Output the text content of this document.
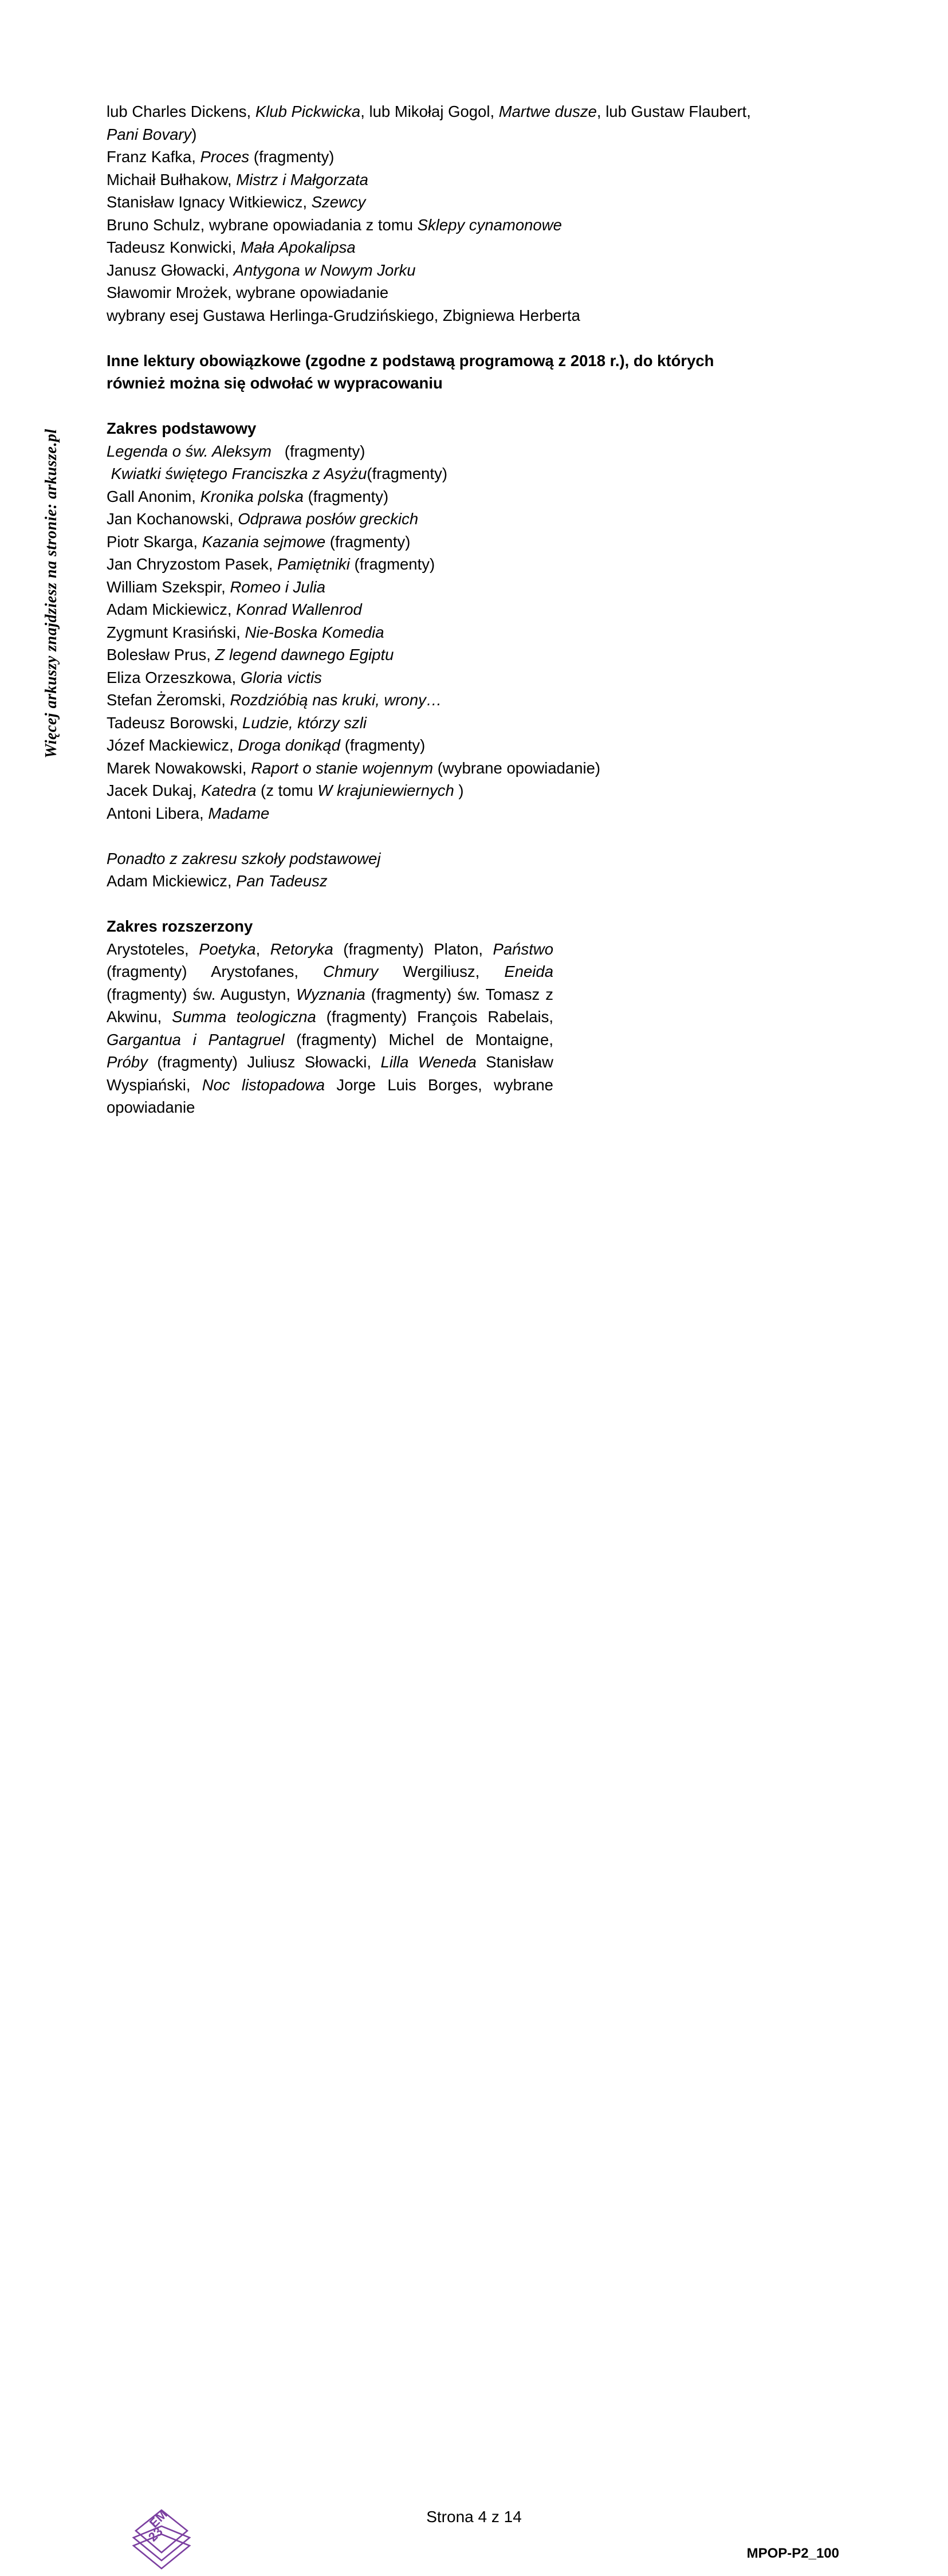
Więcej arkuszy znajdziesz na stronie: arkusze.pl
lub Charles Dickens, Klub Pickwicka, lub Mikołaj Gogol, Martwe dusze, lub Gustaw Flaubert, Pani Bovary)
Franz Kafka, Proces (fragmenty)
Michaił Bułhakow, Mistrz i Małgorzata
Stanisław Ignacy Witkiewicz, Szewcy
Bruno Schulz, wybrane opowiadania z tomu Sklepy cynamonowe
Tadeusz Konwicki, Mała Apokalipsa
Janusz Głowacki, Antygona w Nowym Jorku
Sławomir Mrożek, wybrane opowiadanie
wybrany esej Gustawa Herlinga-Grudzińskiego, Zbigniewa Herberta
Inne lektury obowiązkowe (zgodne z podstawą programową z 2018 r.), do których również można się odwołać w wypracowaniu
Zakres podstawowy
Legenda o św. Aleksym   (fragmenty)
Kwiatki świętego Franciszka z Asyżu(fragmenty)
Gall Anonim, Kronika polska (fragmenty)
Jan Kochanowski, Odprawa posłów greckich
Piotr Skarga, Kazania sejmowe (fragmenty)
Jan Chryzostom Pasek, Pamiętniki (fragmenty)
William Szekspir, Romeo i Julia
Adam Mickiewicz, Konrad Wallenrod
Zygmunt Krasiński, Nie-Boska Komedia
Bolesław Prus, Z legend dawnego Egiptu
Eliza Orzeszkowa, Gloria victis
Stefan Żeromski, Rozdzióbią nas kruki, wrony…
Tadeusz Borowski, Ludzie, którzy szli
Józef Mackiewicz, Droga donikąd (fragmenty)
Marek Nowakowski, Raport o stanie wojennym (wybrane opowiadanie)
Jacek Dukaj, Katedra (z tomu W krajuniewiernych )
Antoni Libera, Madame
Ponadto z zakresu szkoły podstawowej
Adam Mickiewicz, Pan Tadeusz
Zakres rozszerzony
Arystoteles, Poetyka, Retoryka (fragmenty) Platon, Państwo (fragmenty) Arystofanes, Chmury Wergiliusz, Eneida (fragmenty) św. Augustyn, Wyznania (fragmenty) św. Tomasz z Akwinu, Summa teologiczna (fragmenty) François Rabelais, Gargantua i Pantagruel (fragmenty) Michel de Montaigne, Próby (fragmenty) Juliusz Słowacki, Lilla Weneda Stanisław Wyspiański, Noc listopadowa Jorge Luis Borges, wybrane opowiadanie
EM
23
Strona 4 z 14
MPOP-P2_100
